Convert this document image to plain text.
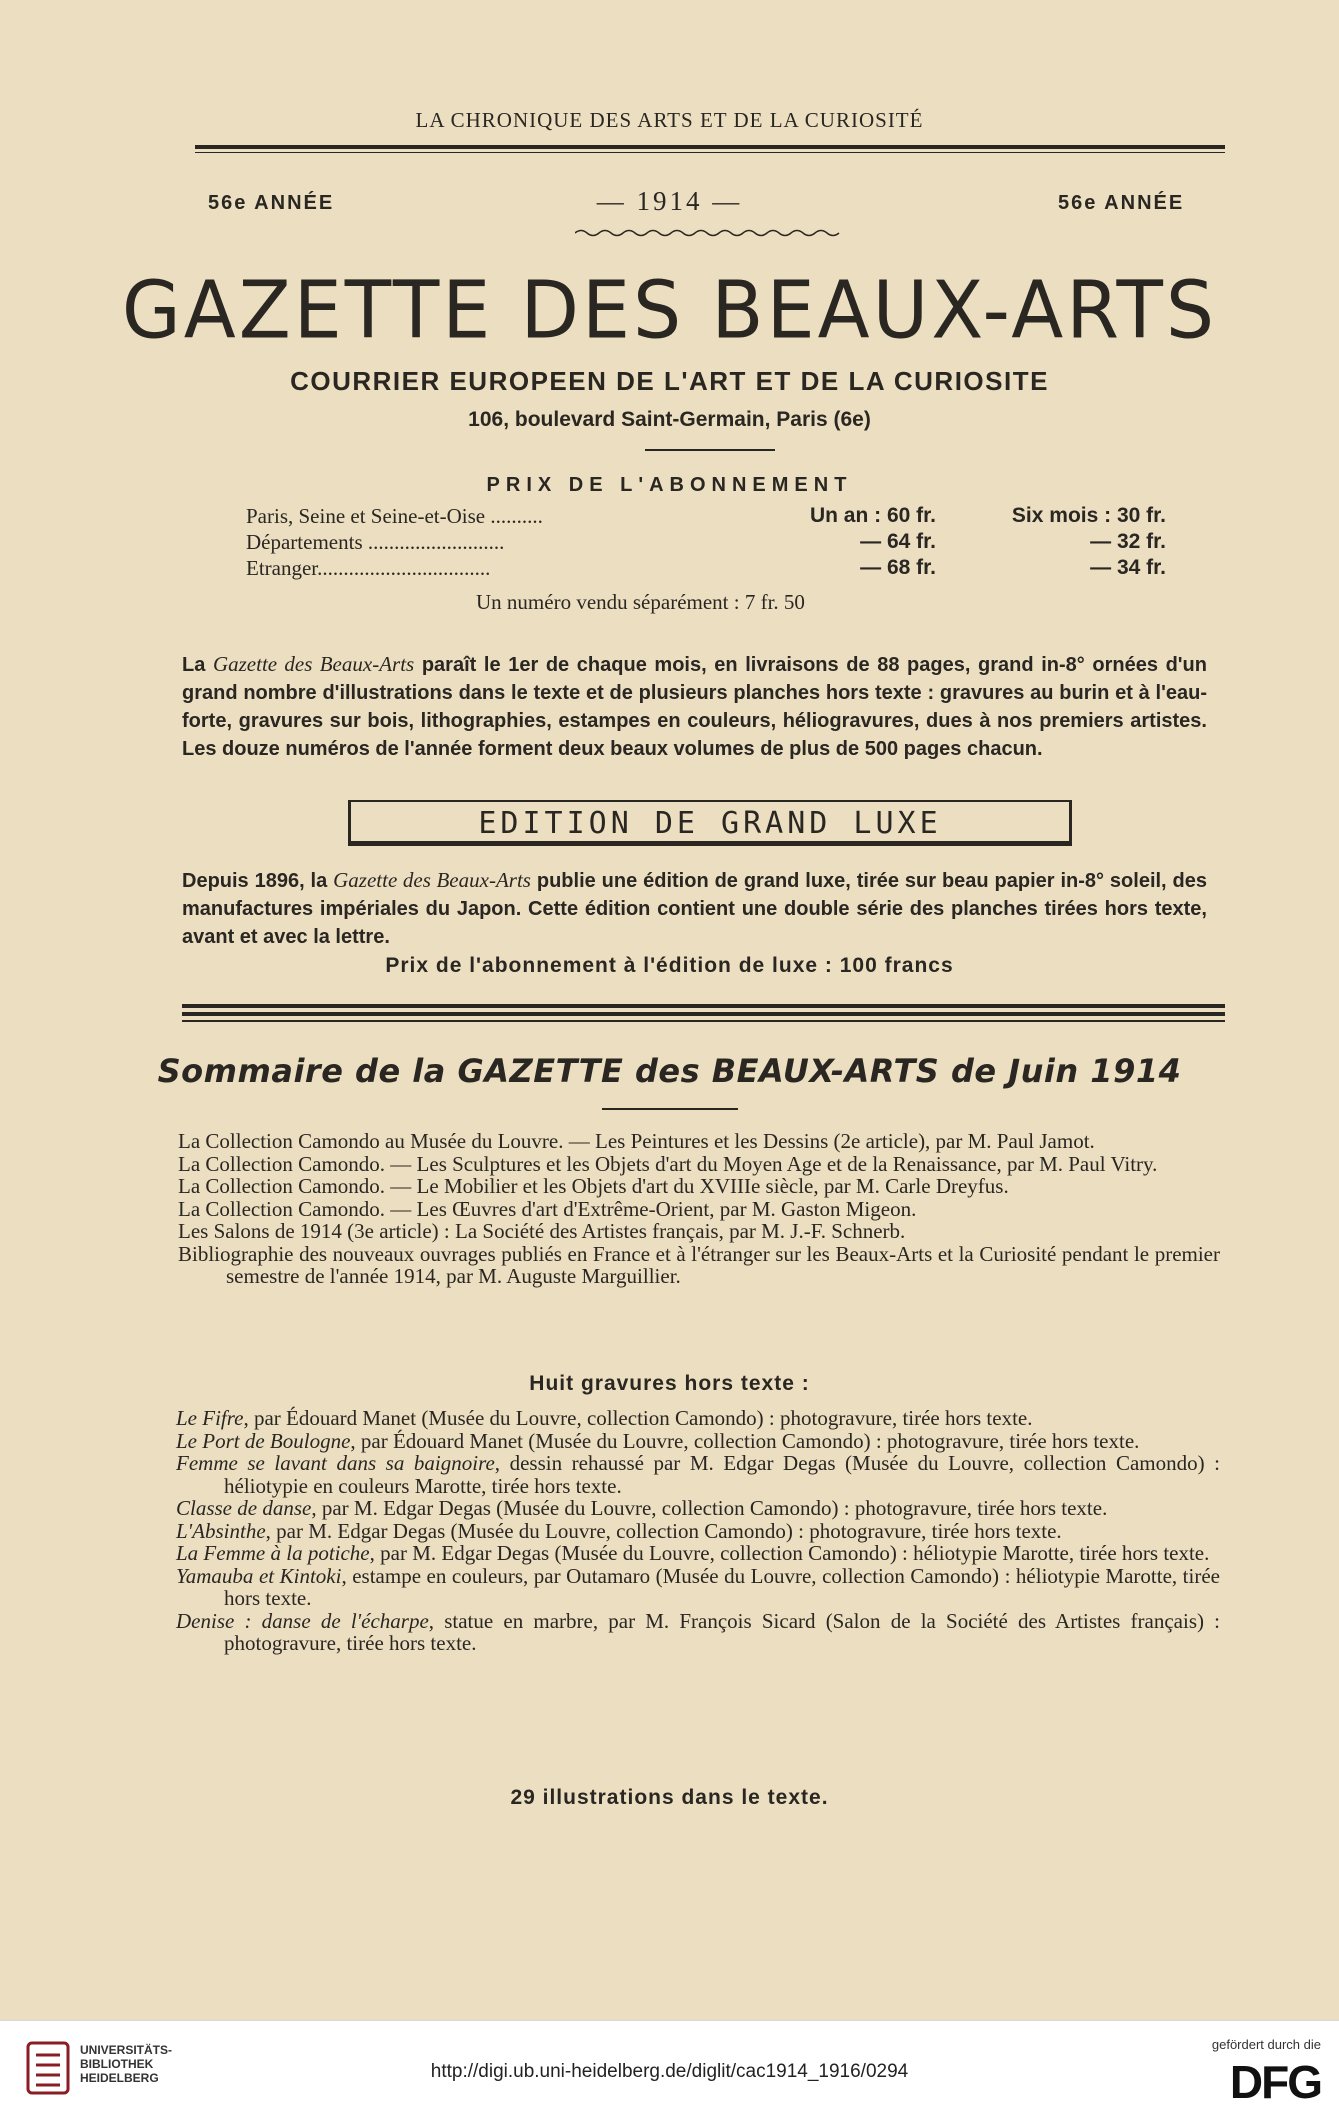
LA CHRONIQUE DES ARTS ET DE LA CURIOSITÉ
56e ANNÉE	— 1914 —	56e ANNÉE
GAZETTE DES BEAUX-ARTS
COURRIER EUROPEEN DE L'ART ET DE LA CURIOSITE
106, boulevard Saint-Germain, Paris (6e)
PRIX DE L'ABONNEMENT
Paris, Seine et Seine-et-Oise ..........	Un an : 60 fr.	Six mois : 30 fr.
Départements ..........................	— 64 fr.	— 32 fr.
Etranger.................................	— 68 fr.	— 34 fr.
Un numéro vendu séparément : 7 fr. 50
La Gazette des Beaux-Arts paraît le 1er de chaque mois, en livraisons de 88 pages, grand in-8° ornées d'un grand nombre d'illustrations dans le texte et de plusieurs planches hors texte : gravures au burin et à l'eau-forte, gravures sur bois, lithographies, estampes en couleurs, héliogravures, dues à nos premiers artistes. Les douze numéros de l'année forment deux beaux volumes de plus de 500 pages chacun.
EDITION DE GRAND LUXE
Depuis 1896, la Gazette des Beaux-Arts publie une édition de grand luxe, tirée sur beau papier in-8° soleil, des manufactures impériales du Japon. Cette édition contient une double série des planches tirées hors texte, avant et avec la lettre.
Prix de l'abonnement à l'édition de luxe : 100 francs
Sommaire de la GAZETTE des BEAUX-ARTS de Juin 1914
La Collection Camondo au Musée du Louvre. — Les Peintures et les Dessins (2e article), par M. Paul Jamot.
La Collection Camondo. — Les Sculptures et les Objets d'art du Moyen Age et de la Renaissance, par M. Paul Vitry.
La Collection Camondo. — Le Mobilier et les Objets d'art du XVIIIe siècle, par M. Carle Dreyfus.
La Collection Camondo. — Les Œuvres d'art d'Extrême-Orient, par M. Gaston Migeon.
Les Salons de 1914 (3e article) : La Société des Artistes français, par M. J.-F. Schnerb.
Bibliographie des nouveaux ouvrages publiés en France et à l'étranger sur les Beaux-Arts et la Curiosité pendant le premier semestre de l'année 1914, par M. Auguste Marguillier.
Huit gravures hors texte :
Le Fifre, par Édouard Manet (Musée du Louvre, collection Camondo) : photogravure, tirée hors texte.
Le Port de Boulogne, par Édouard Manet (Musée du Louvre, collection Camondo) : photogravure, tirée hors texte.
Femme se lavant dans sa baignoire, dessin rehaussé par M. Edgar Degas (Musée du Louvre, collection Camondo) : héliotypie en couleurs Marotte, tirée hors texte.
Classe de danse, par M. Edgar Degas (Musée du Louvre, collection Camondo) : photogravure, tirée hors texte.
L'Absinthe, par M. Edgar Degas (Musée du Louvre, collection Camondo) : photogravure, tirée hors texte.
La Femme à la potiche, par M. Edgar Degas (Musée du Louvre, collection Camondo) : héliotypie Marotte, tirée hors texte.
Yamauba et Kintoki, estampe en couleurs, par Outamaro (Musée du Louvre, collection Camondo) : héliotypie Marotte, tirée hors texte.
Denise : danse de l'écharpe, statue en marbre, par M. François Sicard (Salon de la Société des Artistes français) : photogravure, tirée hors texte.
29 illustrations dans le texte.
UNIVERSITÄTS-
BIBLIOTHEK
HEIDELBERG	http://digi.ub.uni-heidelberg.de/diglit/cac1914_1916/0294
gefördert durch die
DFG
